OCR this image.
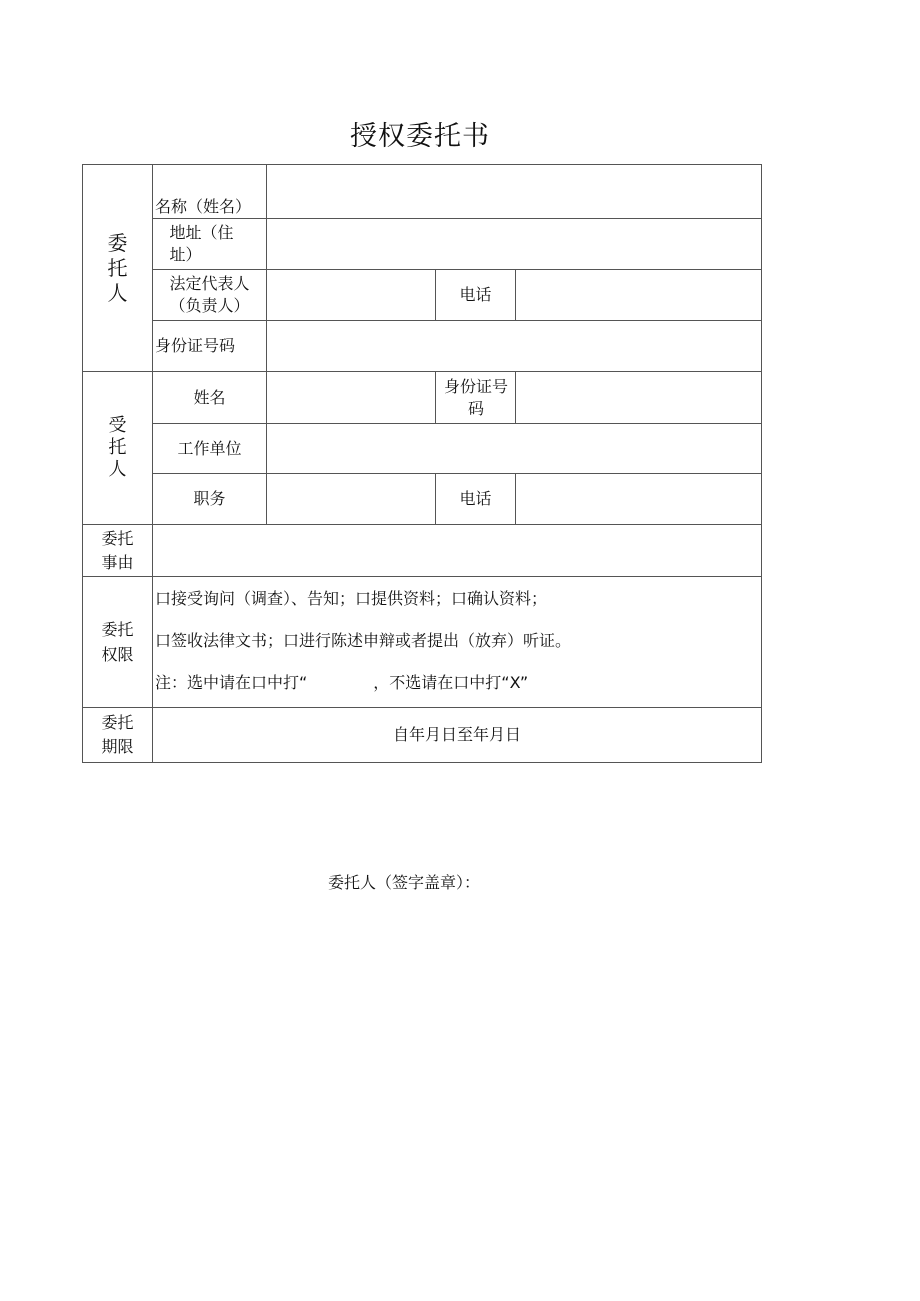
授权委托书
委托人	名称（姓名）			
	地址（住址）			
	法定代表人（负责人）		电话	
	身份证号码			
受托人	姓名		身份证号码	
	工作单位			
	职务		电话	
委托事由				
委托权限	口接受询问（调查）、告知；口提供资料；口确认资料；
口签收法律文书；口进行陈述申辩或者提出（放弃）听证。
注：选中请在口中打“ ，不选请在口中打“X”			

委托期限	自年月日至年月日			
委托人（签字盖章）：
